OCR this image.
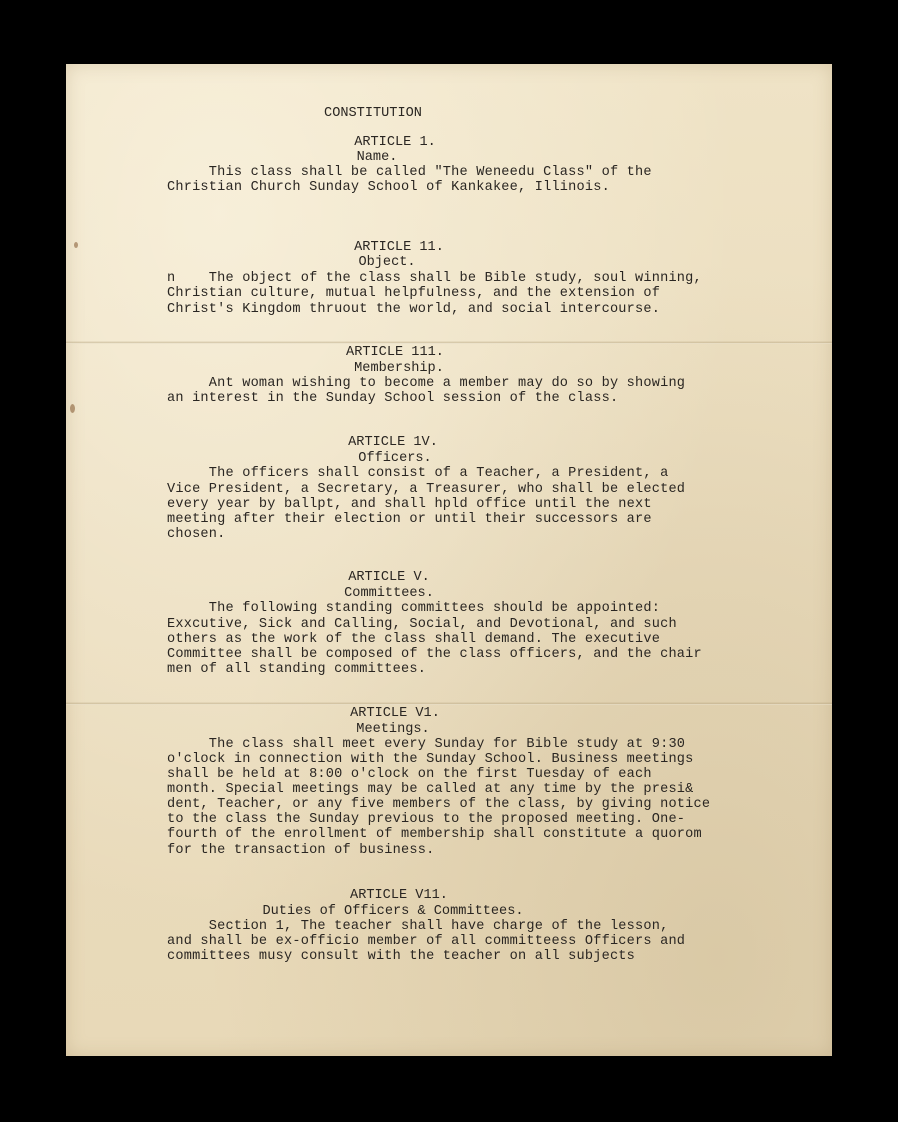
CONSTITUTION
ARTICLE 1.
Name.
This class shall be called "The Weneedu Class" of the
Christian Church Sunday School of Kankakee, Illinois.
ARTICLE 11.
Object.
n    The object of the class shall be Bible study, soul winning,
Christian culture, mutual helpfulness, and the extension of
Christ's Kingdom thruout the world, and social intercourse.
ARTICLE 111.
Membership.
Ant woman wishing to become a member may do so by showing
an interest in the Sunday School session of the class.
ARTICLE 1V.
Officers.
The officers shall consist of a Teacher, a President, a
Vice President, a Secretary, a Treasurer, who shall be elected
every year by ballpt, and shall hpld office until the next
meeting after their election or until their successors are
chosen.
ARTICLE V.
Committees.
The following standing committees should be appointed:
Exxcutive, Sick and Calling, Social, and Devotional, and such
others as the work of the class shall demand. The executive
Committee shall be composed of the class officers, and the chair
men of all standing committees.
ARTICLE V1.
Meetings.
The class shall meet every Sunday for Bible study at 9:30
o'clock in connection with the Sunday School. Business meetings
shall be held at 8:00 o'clock on the first Tuesday of each
month. Special meetings may be called at any time by the presi&
dent, Teacher, or any five members of the class, by giving notice
to the class the Sunday previous to the proposed meeting. One-
fourth of the enrollment of membership shall constitute a quorom
for the transaction of business.
ARTICLE V11.
Duties of Officers & Committees.
Section 1, The teacher shall have charge of the lesson,
and shall be ex-officio member of all committeess Officers and
committees musy consult with the teacher on all subjects
